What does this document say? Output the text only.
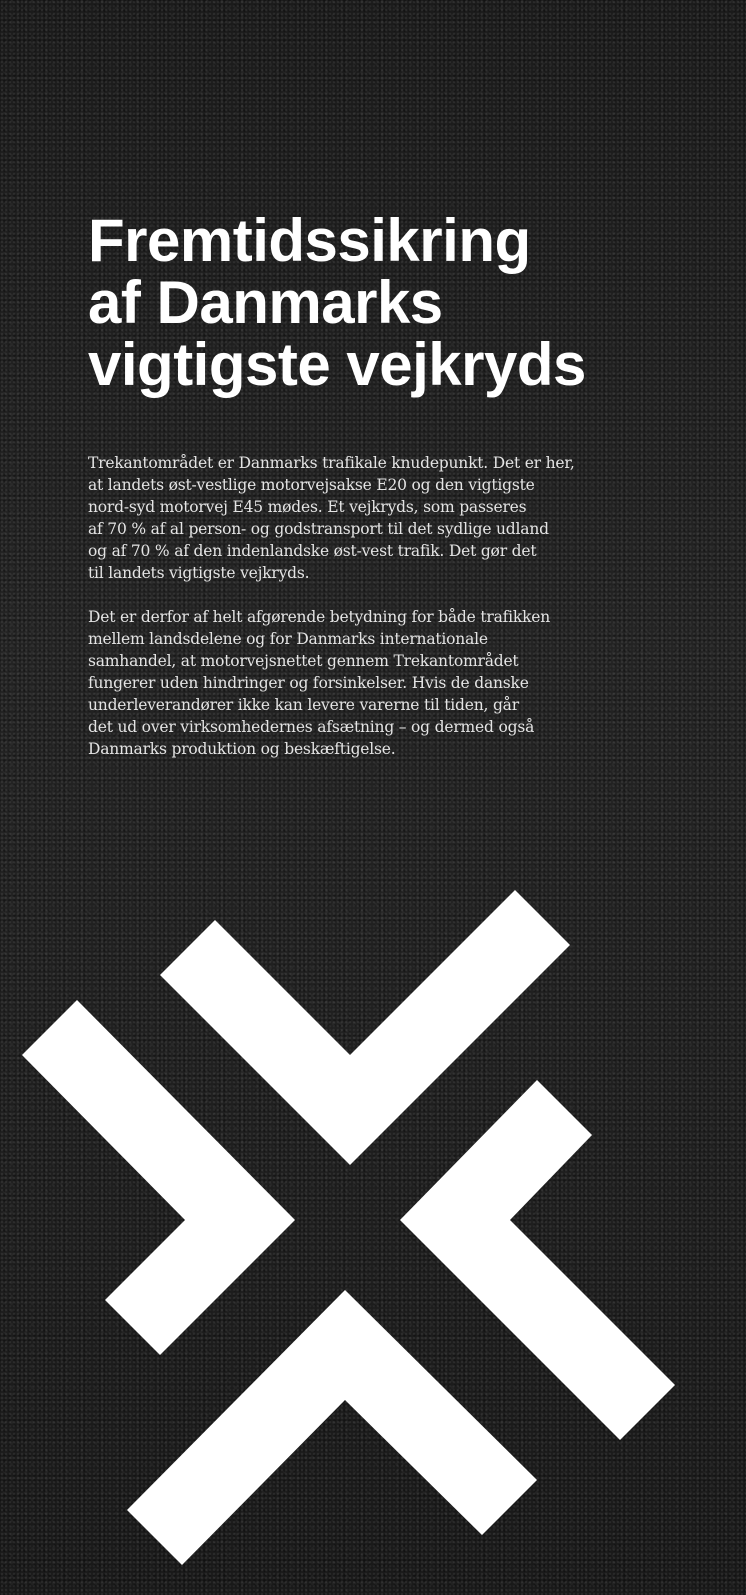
Fremtidssikring
af Danmarks
vigtigste vejkryds

Trekantområdet er Danmarks trafikale knudepunkt. Det er her,
at landets øst-vestlige motorvejsakse E20 og den vigtigste
nord-syd motorvej E45 mødes. Et vejkryds, som passeres
af 70 % af al person- og godstransport til det sydlige udland
og af 70 % af den indenlandske øst-vest trafik. Det gør det
til landets vigtigste vejkryds.

Det er derfor af helt afgørende betydning for både trafikken
mellem landsdelene og for Danmarks internationale
samhandel, at motorvejsnettet gennem Trekantområdet
fungerer uden hindringer og forsinkelser. Hvis de danske
underleverandører ikke kan levere varerne til tiden, går
det ud over virksomhedernes afsætning – og dermed også
Danmarks produktion og beskæftigelse.
